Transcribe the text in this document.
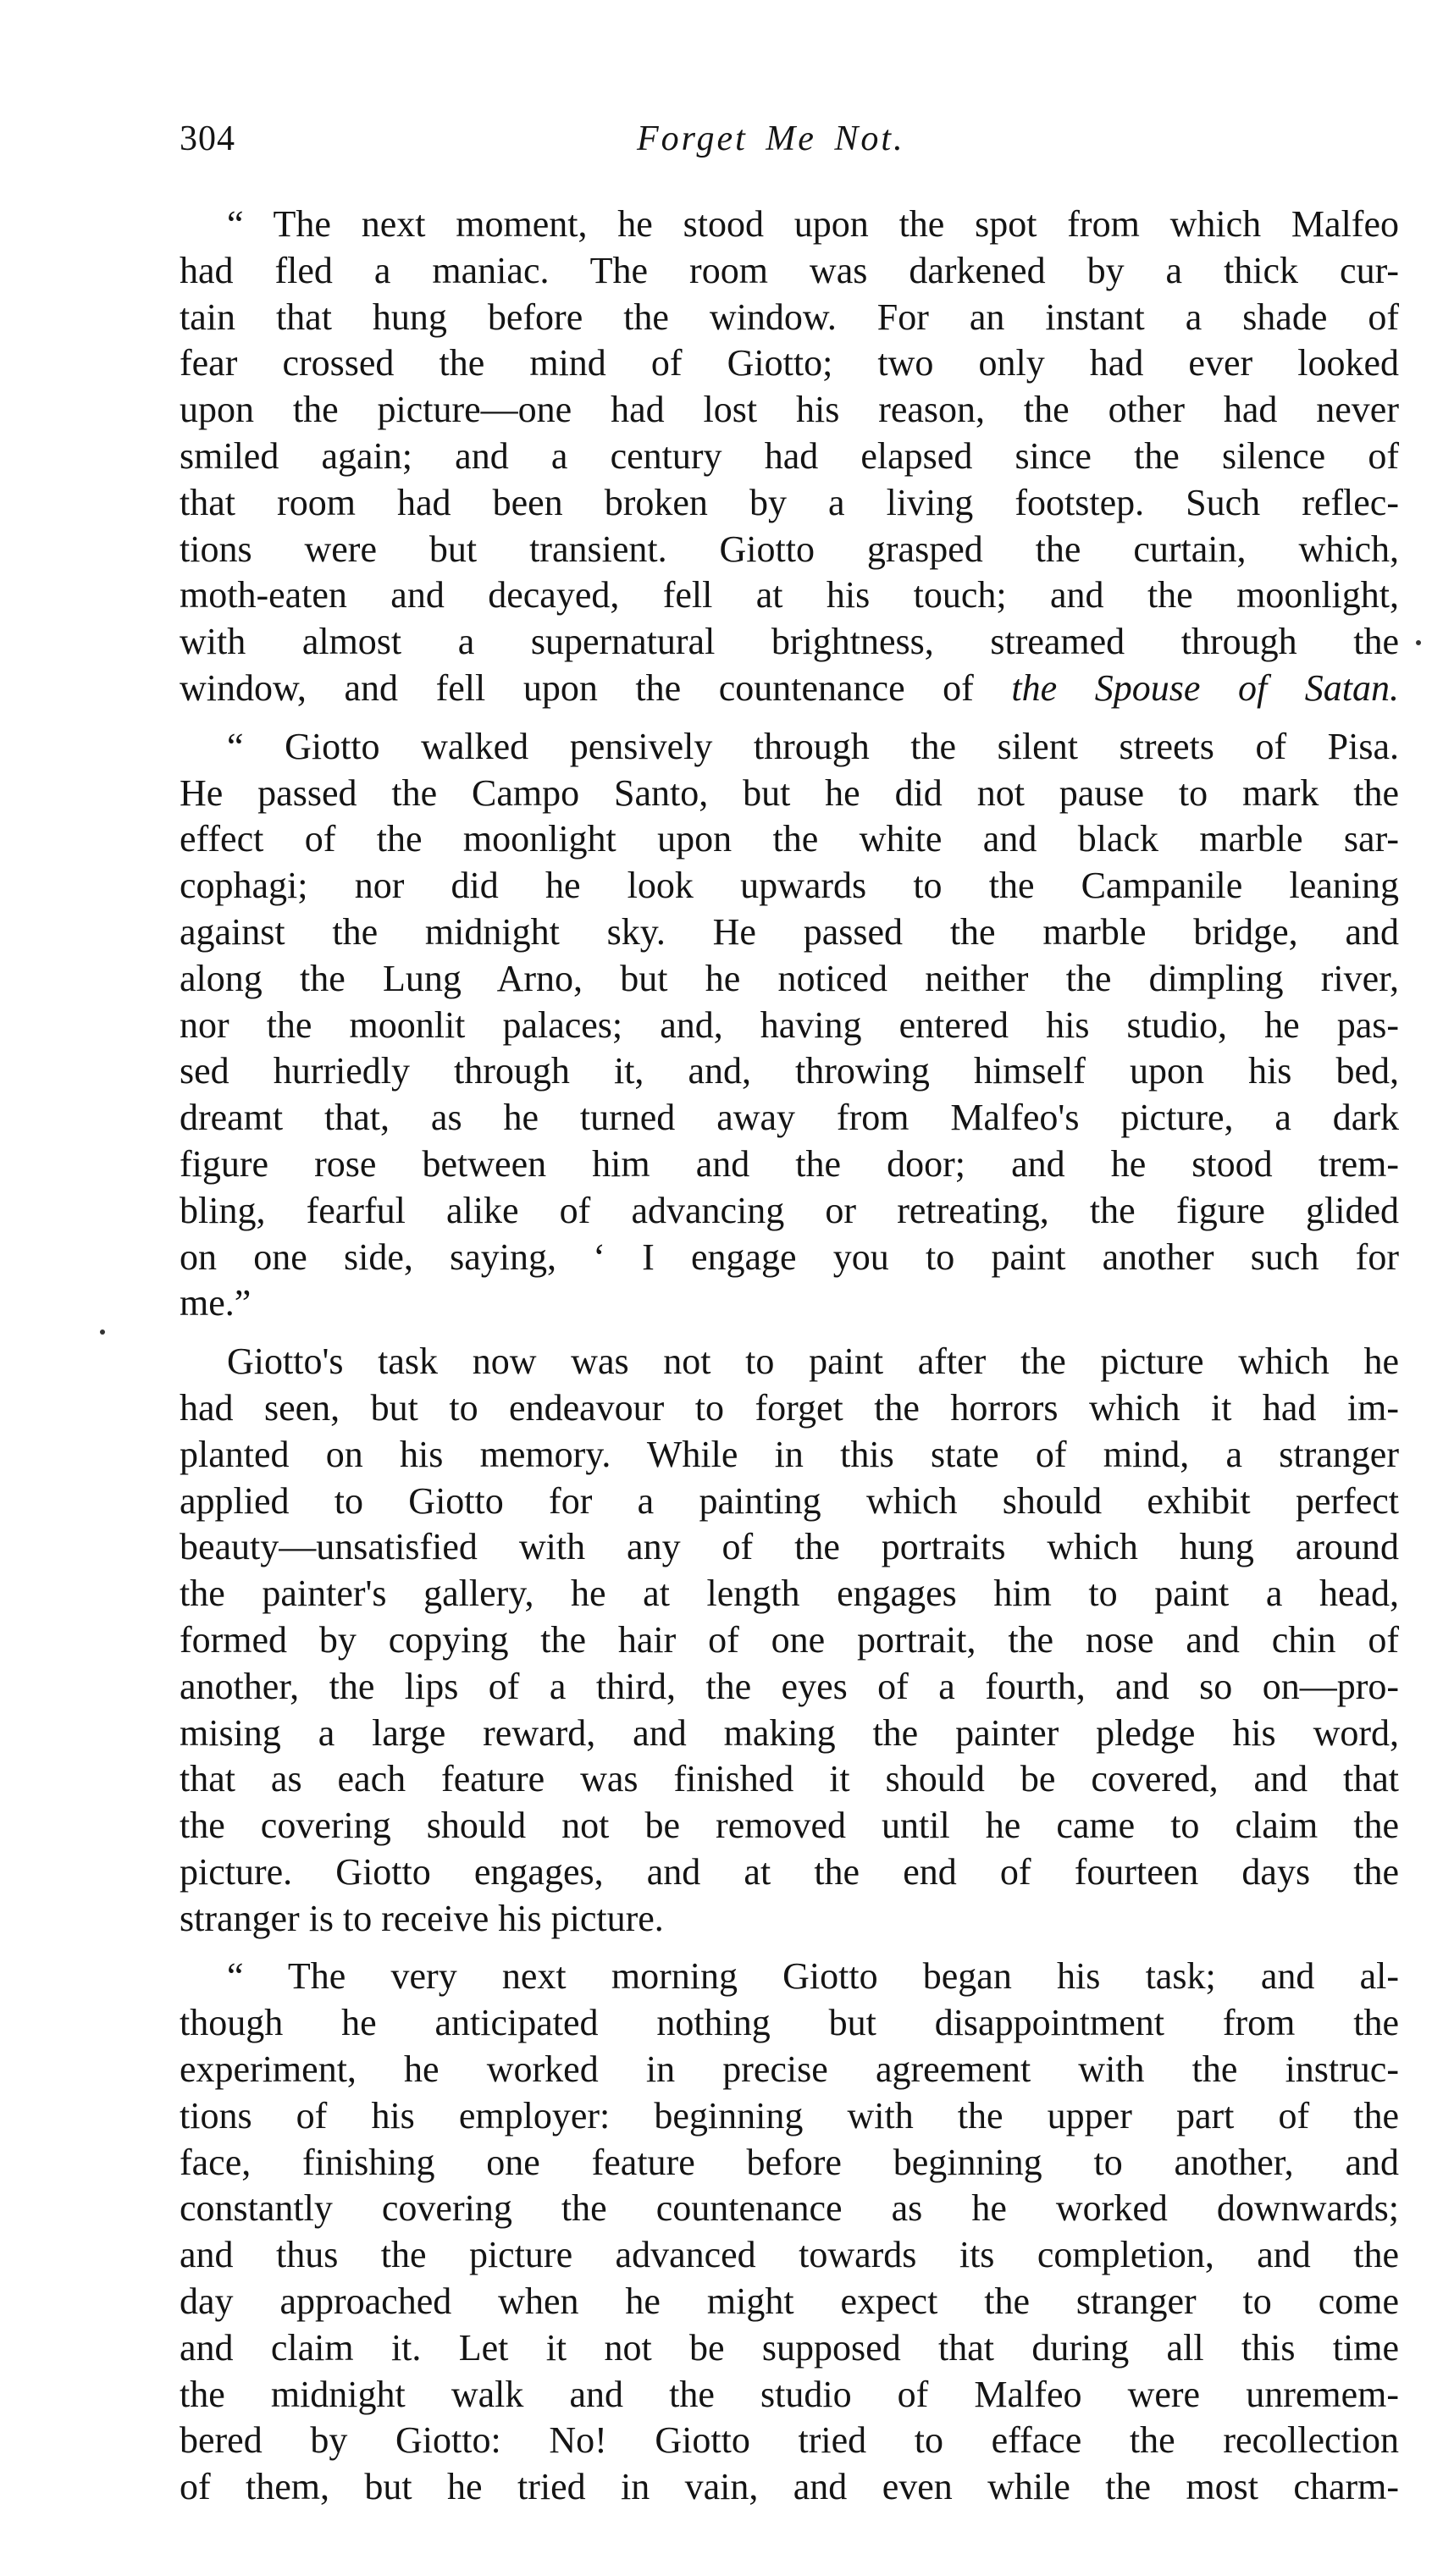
304	Forget Me Not.

“ The next moment, he stood upon the spot from which Malfeo
had fled a maniac. The room was darkened by a thick cur-
tain that hung before the window. For an instant a shade of
fear crossed the mind of Giotto; two only had ever looked
upon the picture—one had lost his reason, the other had never
smiled again; and a century had elapsed since the silence of
that room had been broken by a living footstep. Such reflec-
tions were but transient. Giotto grasped the curtain, which,
moth-eaten and decayed, fell at his touch; and the moonlight,
with almost a supernatural brightness, streamed through the
window, and fell upon the countenance of the Spouse of Satan.

“ Giotto walked pensively through the silent streets of Pisa.
He passed the Campo Santo, but he did not pause to mark the
effect of the moonlight upon the white and black marble sar-
cophagi; nor did he look upwards to the Campanile leaning
against the midnight sky. He passed the marble bridge, and
along the Lung Arno, but he noticed neither the dimpling river,
nor the moonlit palaces; and, having entered his studio, he pas-
sed hurriedly through it, and, throwing himself upon his bed,
dreamt that, as he turned away from Malfeo's picture, a dark
figure rose between him and the door; and he stood trem-
bling, fearful alike of advancing or retreating, the figure glided
on one side, saying, ‘ I engage you to paint another such for
me.”

Giotto's task now was not to paint after the picture which he
had seen, but to endeavour to forget the horrors which it had im-
planted on his memory. While in this state of mind, a stranger
applied to Giotto for a painting which should exhibit perfect
beauty—unsatisfied with any of the portraits which hung around
the painter's gallery, he at length engages him to paint a head,
formed by copying the hair of one portrait, the nose and chin of
another, the lips of a third, the eyes of a fourth, and so on—pro-
mising a large reward, and making the painter pledge his word,
that as each feature was finished it should be covered, and that
the covering should not be removed until he came to claim the
picture. Giotto engages, and at the end of fourteen days the
stranger is to receive his picture.

“ The very next morning Giotto began his task; and al-
though he anticipated nothing but disappointment from the
experiment, he worked in precise agreement with the instruc-
tions of his employer: beginning with the upper part of the
face, finishing one feature before beginning to another, and
constantly covering the countenance as he worked downwards;
and thus the picture advanced towards its completion, and the
day approached when he might expect the stranger to come
and claim it. Let it not be supposed that during all this time
the midnight walk and the studio of Malfeo were unremem-
bered by Giotto: No! Giotto tried to efface the recollection
of them, but he tried in vain, and even while the most charm-
